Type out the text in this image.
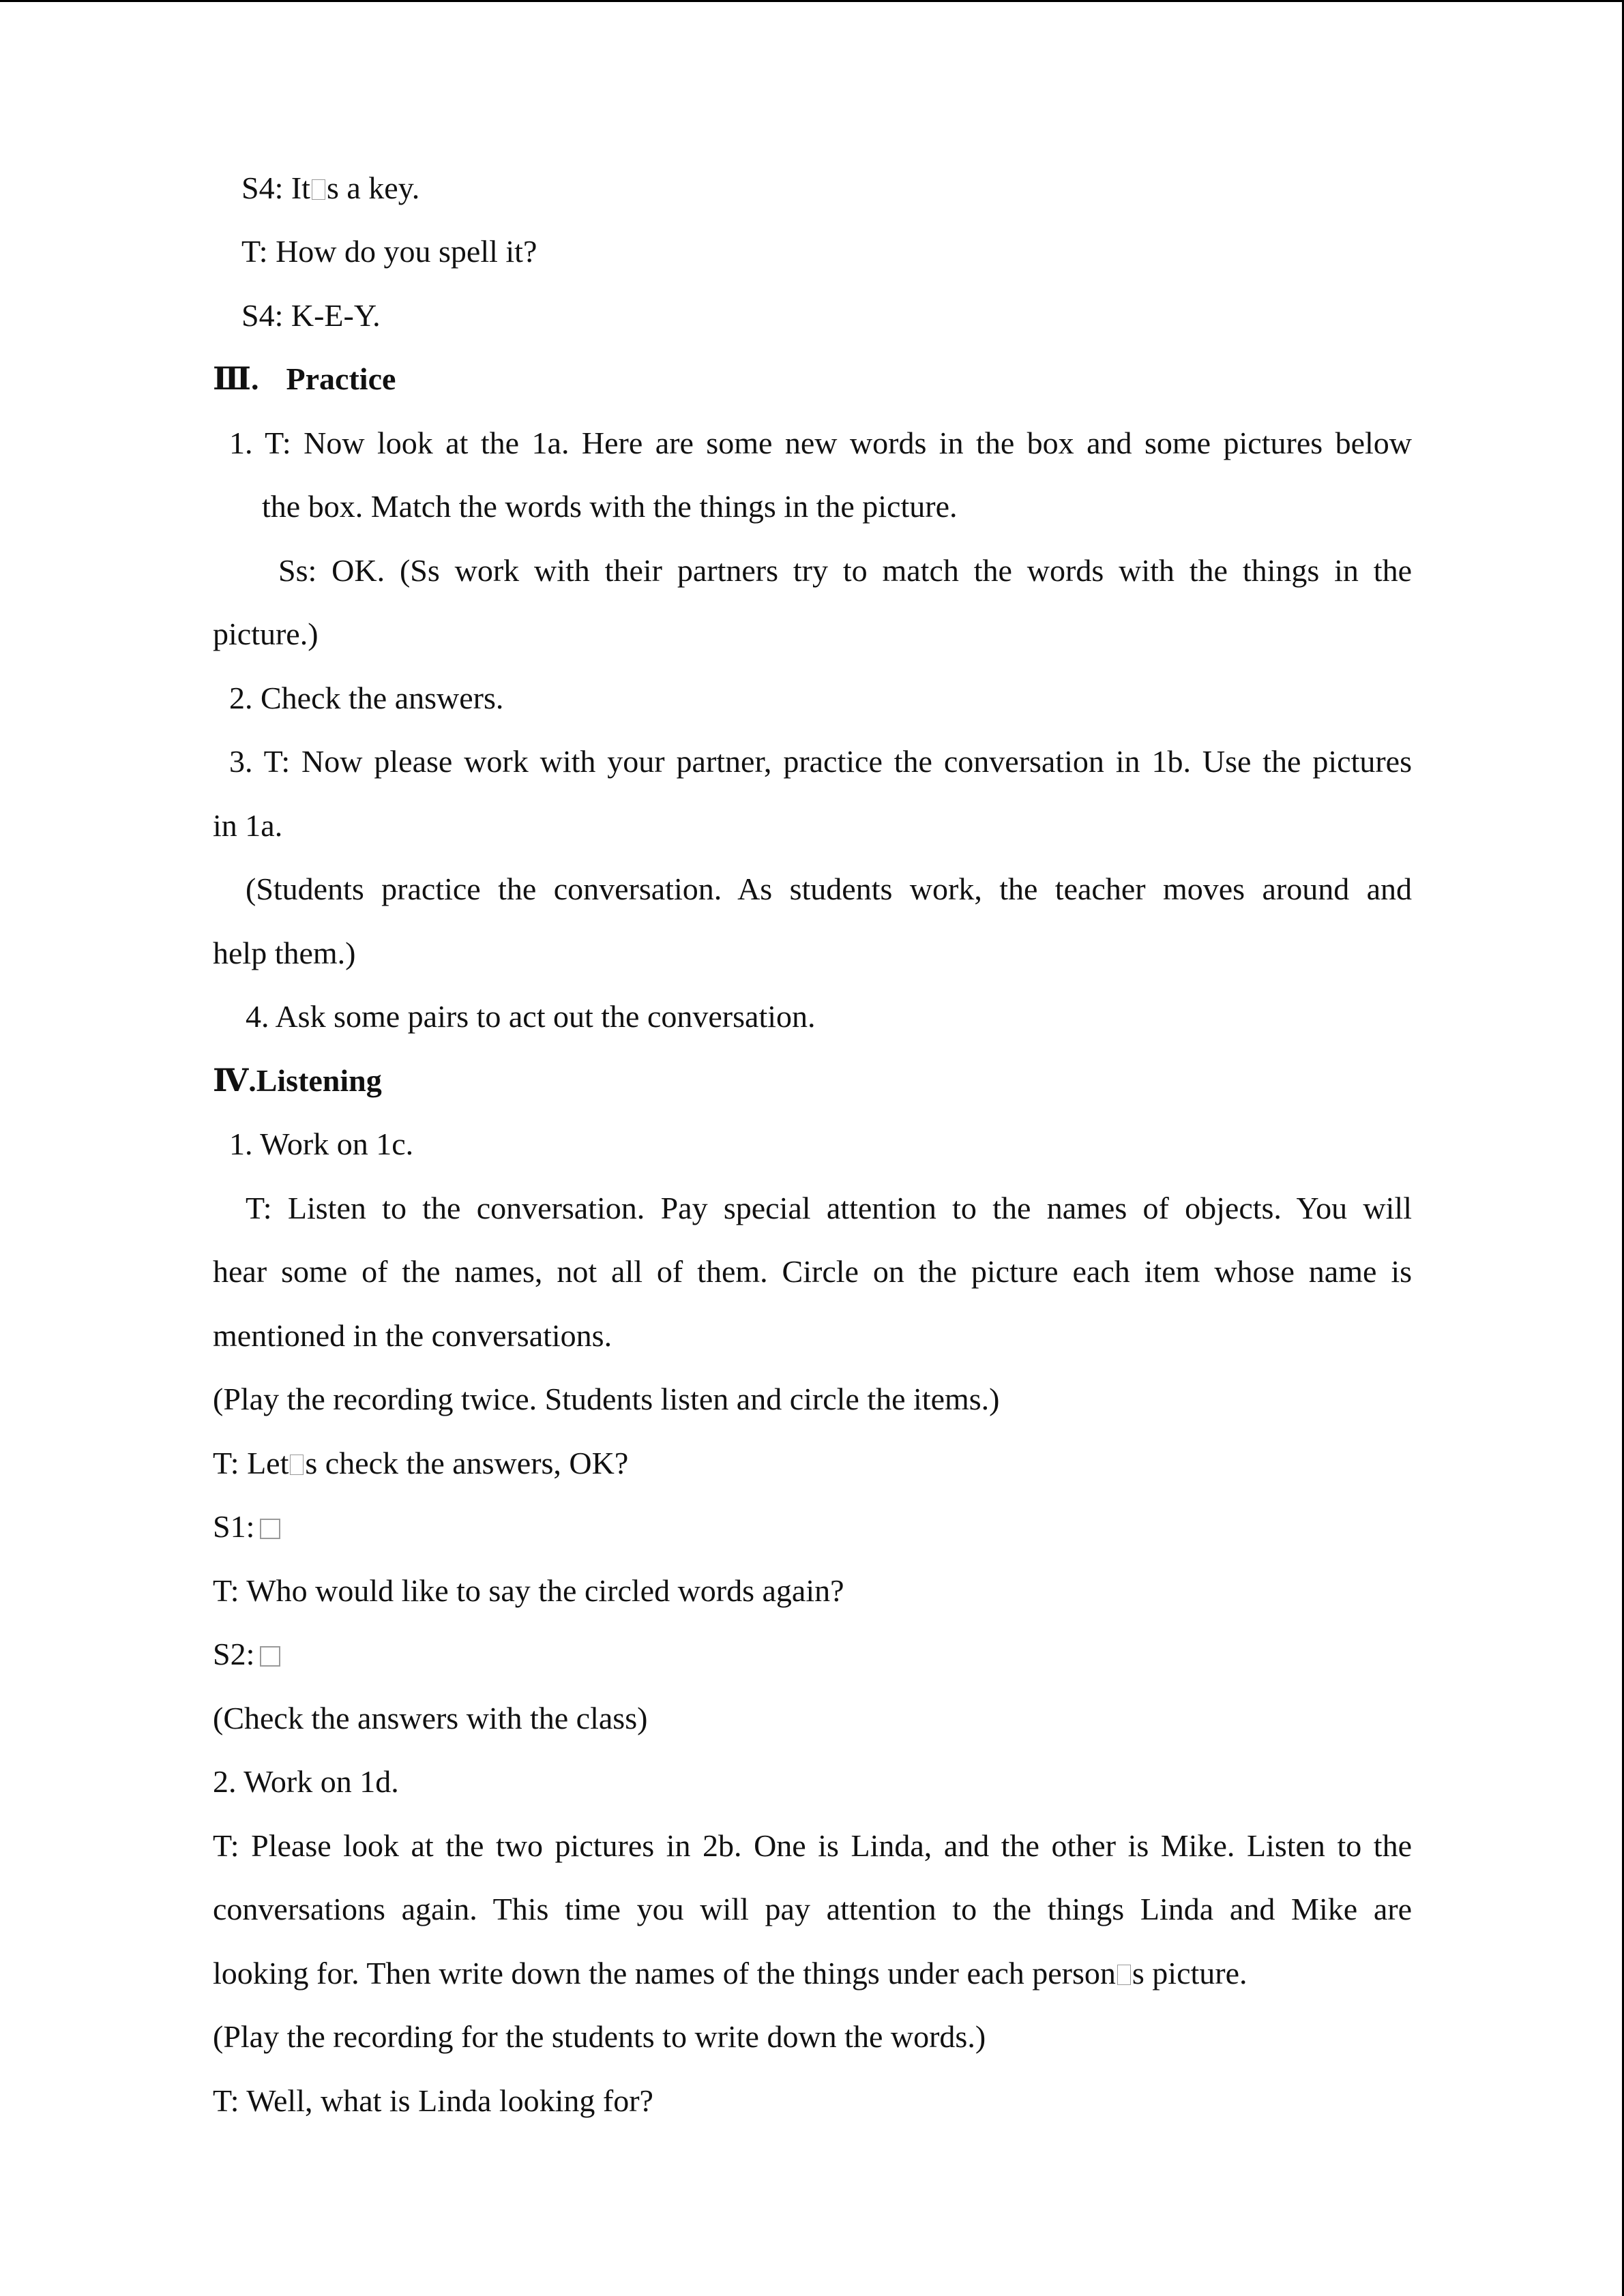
S4: It s a key.
T: How do you spell it?
S4: K-E-Y.
Ⅲ. Practice
1. T: Now look at the 1a. Here are some new words in the box and some pictures below
the box. Match the words with the things in the picture.
Ss: OK. (Ss work with their partners try to match the words with the things in the
picture.)
2. Check the answers.
3. T: Now please work with your partner, practice the conversation in 1b. Use the pictures
in 1a.
(Students practice the conversation. As students work, the teacher moves around and
help them.)
4. Ask some pairs to act out the conversation.
Ⅳ.Listening
1. Work on 1c.
T: Listen to the conversation. Pay special attention to the names of objects. You will
hear some of the names, not all of them. Circle on the picture each item whose name is
mentioned in the conversations.
(Play the recording twice. Students listen and circle the items.)
T: Let s check the answers, OK?
S1:
T: Who would like to say the circled words again?
S2:
(Check the answers with the class)
2. Work on 1d.
T: Please look at the two pictures in 2b. One is Linda, and the other is Mike. Listen to the
conversations again. This time you will pay attention to the things Linda and Mike are
looking for. Then write down the names of the things under each person s picture.
(Play the recording for the students to write down the words.)
T: Well, what is Linda looking for?
